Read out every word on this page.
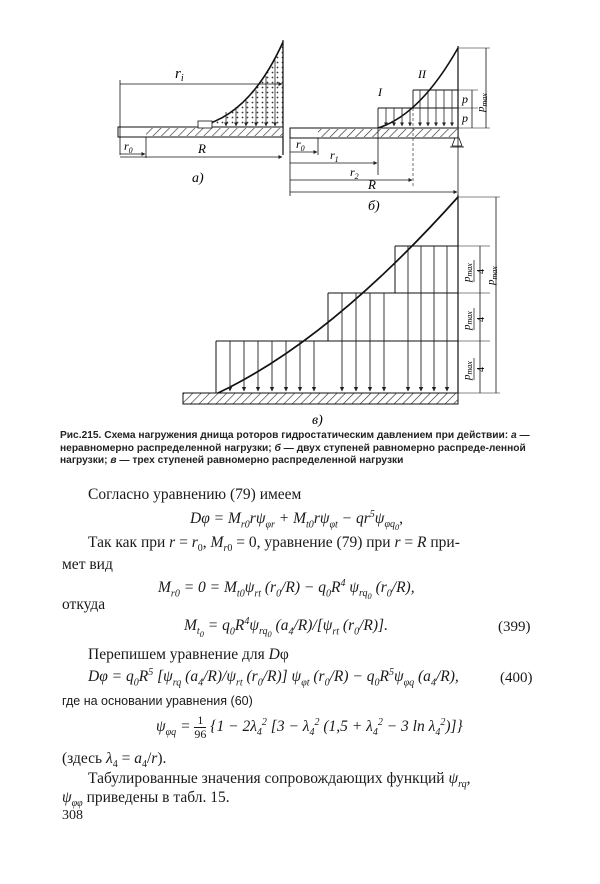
$r_i$
$r_0$	R
а)
I
II
p
p
$p_{max}$
$r_0$ $r_1$
$r_2$
R
б)
pmax 4
pmax 4
pmax 4
$p_{max}$
в)
Рис.215. Схема нагружения днища роторов гидростатическим давлением при действии: а — неравномерно распределенной нагрузки; б — двух ступеней равномерно распреде-ленной нагрузки; в — трех ступеней равномерно распределенной нагрузки
Согласно уравнению (79) имеем
$D\varphi = M_{r0}r\psi_{\varphi r} + M_{t0}r\psi_{\varphi t} - qr^5\psi_{\varphi q_0}$,
Так как при $r = r_0$, $M_{r0} = 0$, уравнение (79) при r = R при-
мет вид
$M_{r0} = 0 = M_{t0}\psi_{rt}$ $(r_0/R) - q_0R^4$ $\psi_{rq_0}$ $(r_0/R)$,
откуда
$M_{t_0} = q_0R^4\psi_{rq_0}$ $(a_4/R)/[\psi_{rt}$ $(r_0/R)$].	(399)
Перепишем уравнение для Dφ
$D\varphi = q_0R^5$ [$\psi_{rq}$ $(a_4/R)/\psi_{rt}$ $(r_0/R)$] $\psi_{\varphi t}$ $(r_0/R) - q_0R^5\psi_{\varphi q}$ $(a_4/R)$,	(400)
где на основании уравнения (60)
$\psi_{\varphi q} = \frac{1}{96} \{1 - 2\lambda_4^2$ [$3 - \lambda_4^2$ ($1,5 + \lambda_4^2 - 3$ $\ln \lambda_4^2$)]}
(здесь $\lambda_4 = a_4/r$).
Табулированные значения сопровождающих функций $\psi_{rq}$,
$\psi_{\varphi\varphi}$ приведены в табл. 15.
308
